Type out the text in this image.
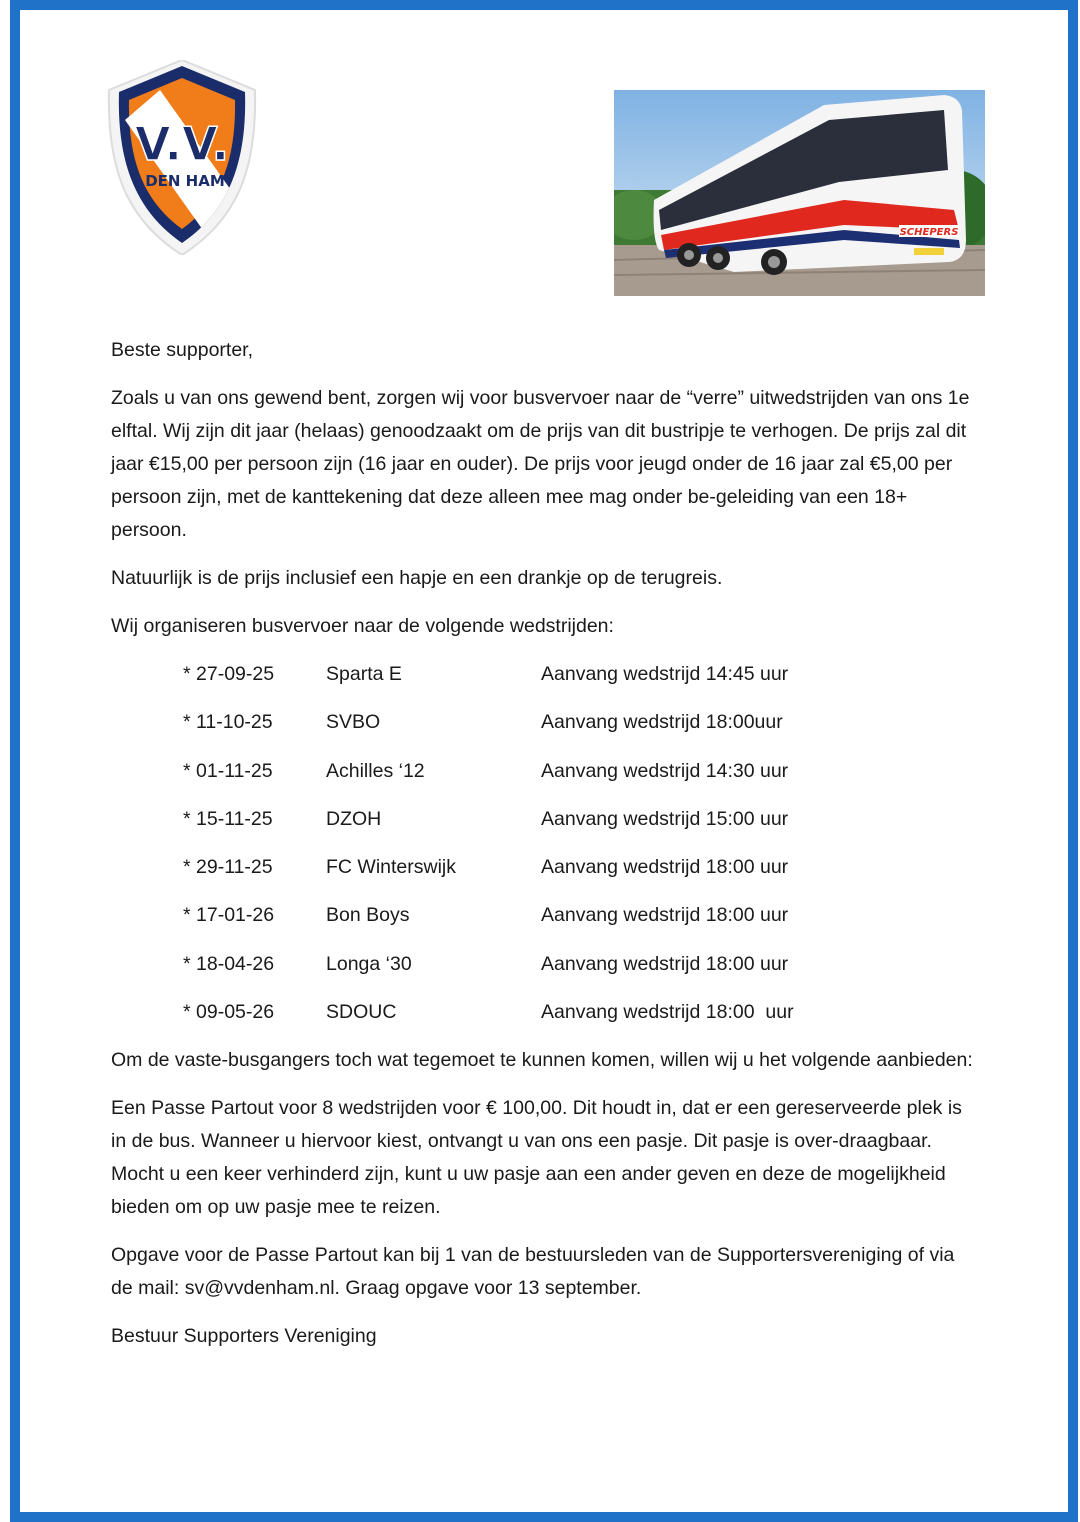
V.V.
DEN HAM
SCHEPERS

Beste supporter,

Zoals u van ons gewend bent, zorgen wij voor busvervoer naar de “verre” uitwedstrijden van ons 1e elftal. Wij zijn dit jaar (helaas) genoodzaakt om de prijs van dit bustripje te verhogen. De prijs zal dit jaar €15,00 per persoon zijn (16 jaar en ouder). De prijs voor jeugd onder de 16 jaar zal €5,00 per persoon zijn, met de kanttekening dat deze alleen mee mag onder be-geleiding van een 18+ persoon.

Natuurlijk is de prijs inclusief een hapje en een drankje op de terugreis.

Wij organiseren busvervoer naar de volgende wedstrijden:

* 27-09-25	Sparta E	Aanvang wedstrijd 14:45 uur
* 11-10-25	SVBO	Aanvang wedstrijd 18:00uur
* 01-11-25	Achilles ‘12	Aanvang wedstrijd 14:30 uur
* 15-11-25	DZOH	Aanvang wedstrijd 15:00 uur
* 29-11-25	FC Winterswijk	Aanvang wedstrijd 18:00 uur
* 17-01-26	Bon Boys	Aanvang wedstrijd 18:00 uur
* 18-04-26	Longa ‘30	Aanvang wedstrijd 18:00 uur
* 09-05-26	SDOUC	Aanvang wedstrijd 18:00  uur

Om de vaste-busgangers toch wat tegemoet te kunnen komen, willen wij u het volgende aanbieden:

Een Passe Partout voor 8 wedstrijden voor € 100,00. Dit houdt in, dat er een gereserveerde plek is in de bus. Wanneer u hiervoor kiest, ontvangt u van ons een pasje. Dit pasje is over-draagbaar. Mocht u een keer verhinderd zijn, kunt u uw pasje aan een ander geven en deze de mogelijkheid bieden om op uw pasje mee te reizen.

Opgave voor de Passe Partout kan bij 1 van de bestuursleden van de Supportersvereniging of via de mail: sv@vvdenham.nl. Graag opgave voor 13 september.

Bestuur Supporters Vereniging
